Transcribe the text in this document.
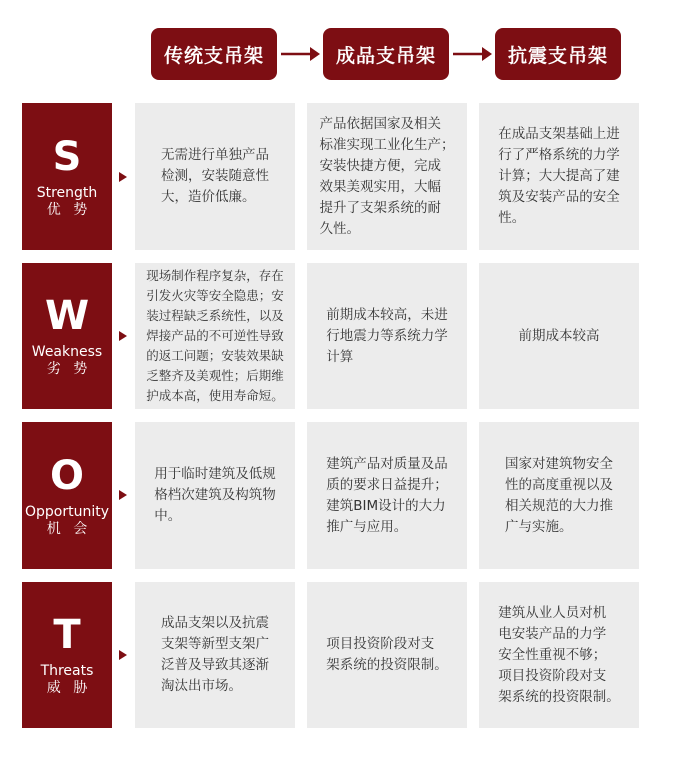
传统支吊架	成品支吊架	抗震支吊架
S
Strength
优 势
无需进行单独产品
检测，安装随意性
大，造价低廉。
产品依据国家及相关
标准实现工业化生产；
安装快捷方便，完成
效果美观实用，大幅
提升了支架系统的耐
久性。
在成品支架基础上进
行了严格系统的力学
计算；大大提高了建
筑及安装产品的安全
性。
W
Weakness
劣 势
现场制作程序复杂，存在
引发火灾等安全隐患；安
装过程缺乏系统性，以及
焊接产品的不可逆性导致
的返工问题；安装效果缺
乏整齐及美观性；后期维
护成本高，使用寿命短。
前期成本较高，未进
行地震力等系统力学
计算
前期成本较高
O
Opportunity
机 会
用于临时建筑及低规
格档次建筑及构筑物
中。
建筑产品对质量及品
质的要求日益提升；
建筑BIM设计的大力
推广与应用。
国家对建筑物安全
性的高度重视以及
相关规范的大力推
广与实施。
T
Threats
威 胁
成品支架以及抗震
支架等新型支架广
泛普及导致其逐渐
淘汰出市场。
项目投资阶段对支
架系统的投资限制。
建筑从业人员对机
电安装产品的力学
安全性重视不够；
项目投资阶段对支
架系统的投资限制。
